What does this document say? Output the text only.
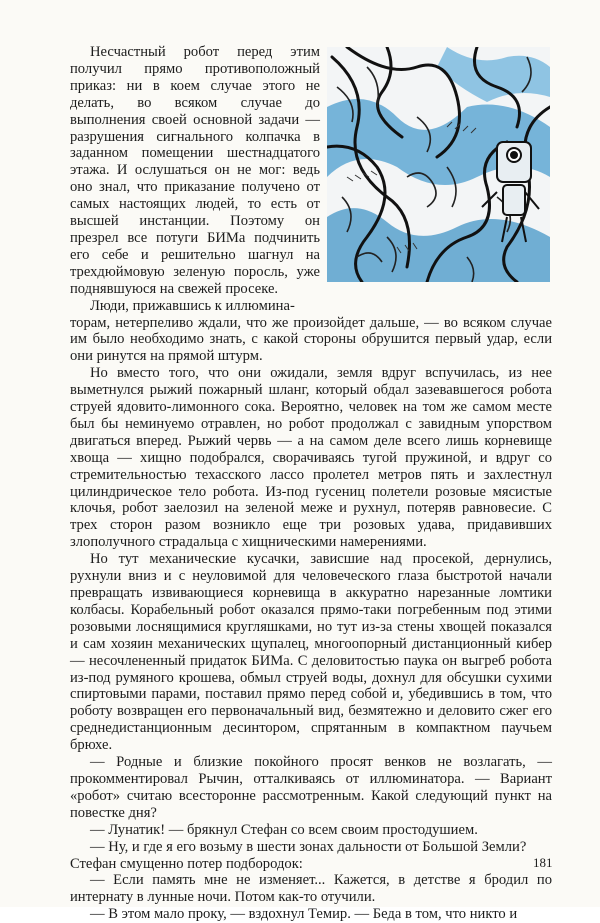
Несчастный робот перед этим получил прямо противоположный приказ: ни в коем случае этого не делать, во всяком случае до выполнения своей основной задачи — разрушения сигнального колпачка в заданном помещении шестнадцатого этажа. И ослушаться он не мог: ведь оно знал, что приказание получено от самых настоящих людей, то есть от высшей инстанции. Поэтому он презрел все потуги БИМа подчинить его себе и решительно шагнул на трехдюймовую зеленую поросль, уже поднявшуюся на свежей просеке.

Люди, прижавшись к иллюмина-

торам, нетерпеливо ждали, что же произойдет дальше, — во всяком случае им было необходимо знать, с какой стороны обрушится первый удар, если они ринутся на прямой штурм.

Но вместо того, что они ожидали, земля вдруг вспучилась, из нее выметнулся рыжий пожарный шланг, который обдал зазевавшегося робота струей ядовито-лимонного сока. Вероятно, человек на том же самом месте был бы неминуемо отравлен, но робот продолжал с завидным упорством двигаться вперед. Рыжий червь — а на самом деле всего лишь корневище хвоща — хищно подобрался, сворачиваясь тугой пружиной, и вдруг со стремительностью техасского лассо пролетел метров пять и захлестнул цилиндрическое тело робота. Из-под гусениц полетели розовые мясистые клочья, робот заелозил на зеленой меже и рухнул, потеряв равновесие. С трех сторон разом возникло еще три розовых удава, придавивших злополучного страдальца с хищническими намерениями.

Но тут механические кусачки, зависшие над просекой, дернулись, рухнули вниз и с неуловимой для человеческого глаза быстротой начали превращать извивающиеся корневища в аккуратно нарезанные ломтики колбасы. Корабельный робот оказался прямо-таки погребенным под этими розовыми лоснящимися кругляшками, но тут из-за стены хвощей показался и сам хозяин механических щупалец, многоопорный дистанционный кибер — несочлененный придаток БИМа. С деловитостью паука он выгреб робота из-под румяного крошева, обмыл струей воды, дохнул для обсушки сухими спиртовыми парами, поставил прямо перед собой и, убедившись в том, что роботу возвращен его первоначальный вид, безмятежно и деловито сжег его среднедистанционным десинтором, спрятанным в компактном паучьем брюхе.

— Родные и близкие покойного просят венков не возлагать, — прокомментировал Рычин, отталкиваясь от иллюминатора. — Вариант «робот» считаю всесторонне рассмотренным. Какой следующий пункт на повестке дня?

— Лунатик! — брякнул Стефан со всем своим простодушием.

— Ну, и где я его возьму в шести зонах дальности от Большой Земли?

Стефан смущенно потер подбородок:

— Если память мне не изменяет... Кажется, в детстве я бродил по интернату в лунные ночи. Потом как-то отучили.

— В этом мало проку, — вздохнул Темир. — Беда в том, что никто и

181
